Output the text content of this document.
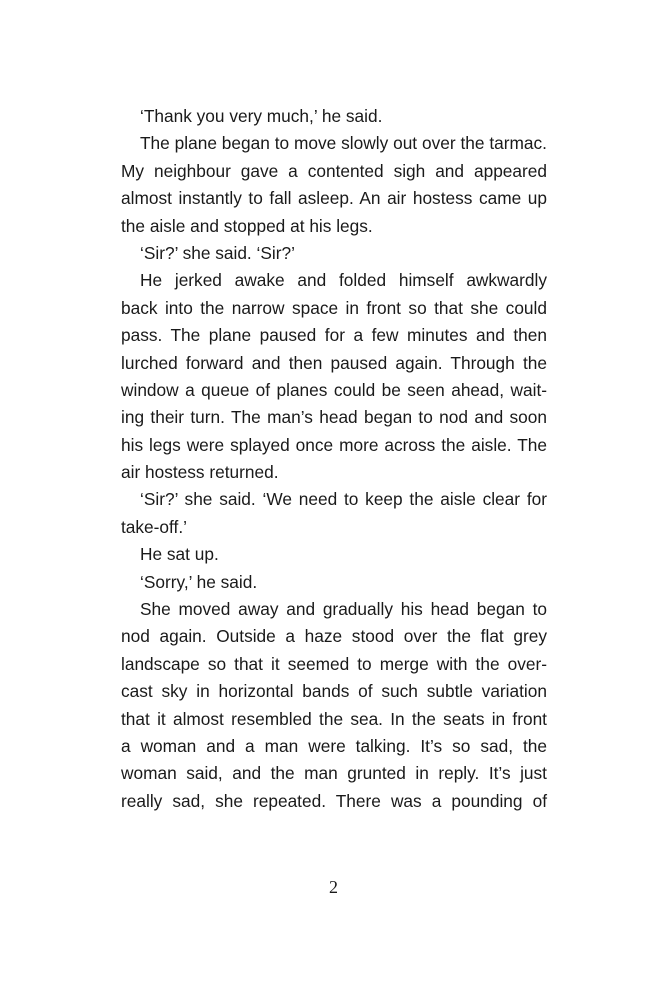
‘Thank you very much,’ he said.
The plane began to move slowly out over the tarmac.
My neighbour gave a contented sigh and appeared
almost instantly to fall asleep. An air hostess came up
the aisle and stopped at his legs.
‘Sir?’ she said. ‘Sir?’
He jerked awake and folded himself awkwardly
back into the narrow space in front so that she could
pass. The plane paused for a few minutes and then
lurched forward and then paused again. Through the
window a queue of planes could be seen ahead, wait-
ing their turn. The man’s head began to nod and soon
his legs were splayed once more across the aisle. The
air hostess returned.
‘Sir?’ she said. ‘We need to keep the aisle clear for
take-off.’
He sat up.
‘Sorry,’ he said.
She moved away and gradually his head began to
nod again. Outside a haze stood over the flat grey
landscape so that it seemed to merge with the over-
cast sky in horizontal bands of such subtle variation
that it almost resembled the sea. In the seats in front
a woman and a man were talking. It’s so sad, the
woman said, and the man grunted in reply. It’s just
really sad, she repeated. There was a pounding of
2
